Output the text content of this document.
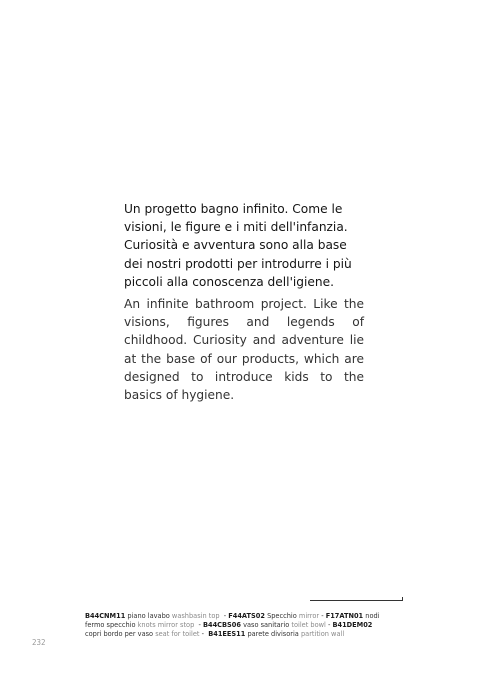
Un progetto bagno infinito. Come le visioni, le figure e i miti dell'infanzia. Curiosità e avventura sono alla base dei nostri prodotti per introdurre i più piccoli alla conoscenza dell'igiene.

An infinite bathroom project. Like the visions, figures and legends of childhood. Curiosity and adventure lie at the base of our products, which are designed to introduce kids to the basics of hygiene.

B44CNM11 piano lavabo washbasin top - F44ATS02 Specchio mirror - F17ATN01 nodi
fermo specchio knots mirror stop - B44CBS06 vaso sanitario toilet bowl - B41DEM02
copri bordo per vaso seat for toilet - B41EES11 parete divisoria partition wall
232
